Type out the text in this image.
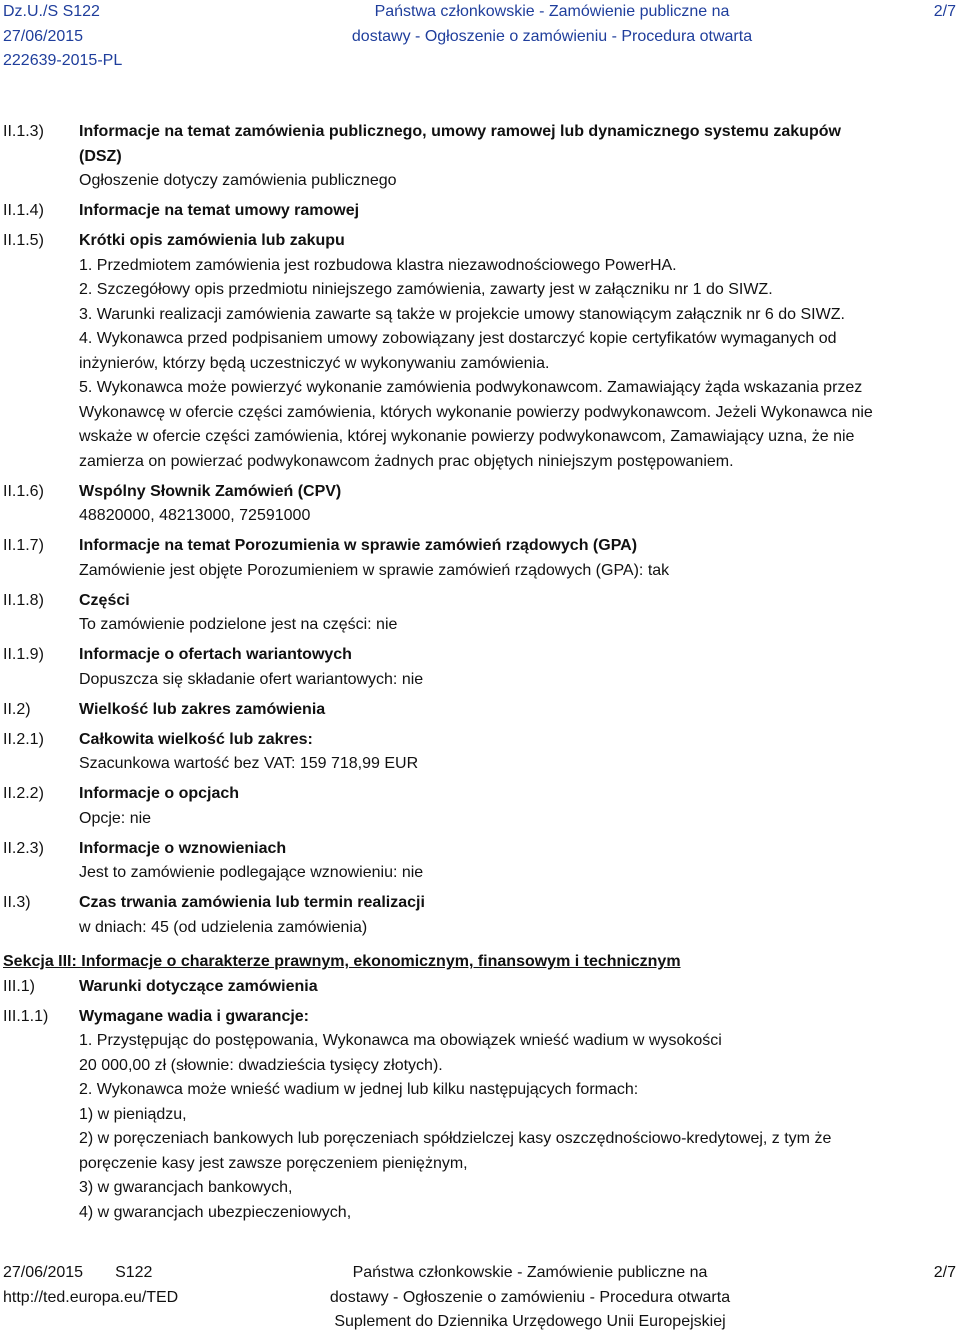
Dz.U./S S122
27/06/2015
222639-2015-PL
Państwa członkowskie - Zamówienie publiczne na
dostawy - Ogłoszenie o zamówieniu - Procedura otwarta
2/7
II.1.3) Informacje na temat zamówienia publicznego, umowy ramowej lub dynamicznego systemu zakupów
(DSZ)
Ogłoszenie dotyczy zamówienia publicznego
II.1.4) Informacje na temat umowy ramowej
II.1.5) Krótki opis zamówienia lub zakupu
1. Przedmiotem zamówienia jest rozbudowa klastra niezawodnościowego PowerHA.
2. Szczegółowy opis przedmiotu niniejszego zamówienia, zawarty jest w załączniku nr 1 do SIWZ.
3. Warunki realizacji zamówienia zawarte są także w projekcie umowy stanowiącym załącznik nr 6 do SIWZ.
4. Wykonawca przed podpisaniem umowy zobowiązany jest dostarczyć kopie certyfikatów wymaganych od
inżynierów, którzy będą uczestniczyć w wykonywaniu zamówienia.
5. Wykonawca może powierzyć wykonanie zamówienia podwykonawcom. Zamawiający żąda wskazania przez
Wykonawcę w ofercie części zamówienia, których wykonanie powierzy podwykonawcom. Jeżeli Wykonawca nie
wskaże w ofercie części zamówienia, której wykonanie powierzy podwykonawcom, Zamawiający uzna, że nie
zamierza on powierzać podwykonawcom żadnych prac objętych niniejszym postępowaniem.
II.1.6) Wspólny Słownik Zamówień (CPV)
48820000, 48213000, 72591000
II.1.7) Informacje na temat Porozumienia w sprawie zamówień rządowych (GPA)
Zamówienie jest objęte Porozumieniem w sprawie zamówień rządowych (GPA): tak
II.1.8) Części
To zamówienie podzielone jest na części: nie
II.1.9) Informacje o ofertach wariantowych
Dopuszcza się składanie ofert wariantowych: nie
II.2)	Wielkość lub zakres zamówienia
II.2.1) Całkowita wielkość lub zakres:
Szacunkowa wartość bez VAT: 159 718,99 EUR
II.2.2) Informacje o opcjach
Opcje: nie
II.2.3) Informacje o wznowieniach
Jest to zamówienie podlegające wznowieniu: nie
II.3)	Czas trwania zamówienia lub termin realizacji
w dniach: 45 (od udzielenia zamówienia)
Sekcja III: Informacje o charakterze prawnym, ekonomicznym, finansowym i technicznym
III.1)	Warunki dotyczące zamówienia
III.1.1) Wymagane wadia i gwarancje:
1. Przystępując do postępowania, Wykonawca ma obowiązek wnieść wadium w wysokości
20 000,00 zł (słownie: dwadzieścia tysięcy złotych).
2. Wykonawca może wnieść wadium w jednej lub kilku następujących formach:
1) w pieniądzu,
2) w poręczeniach bankowych lub poręczeniach spółdzielczej kasy oszczędnościowo-kredytowej, z tym że
poręczenie kasy jest zawsze poręczeniem pieniężnym,
3) w gwarancjach bankowych,
4) w gwarancjach ubezpieczeniowych,
27/06/2015 S122
http://ted.europa.eu/TED
Państwa członkowskie - Zamówienie publiczne na
dostawy - Ogłoszenie o zamówieniu - Procedura otwarta
Suplement do Dziennika Urzędowego Unii Europejskiej
2/7
